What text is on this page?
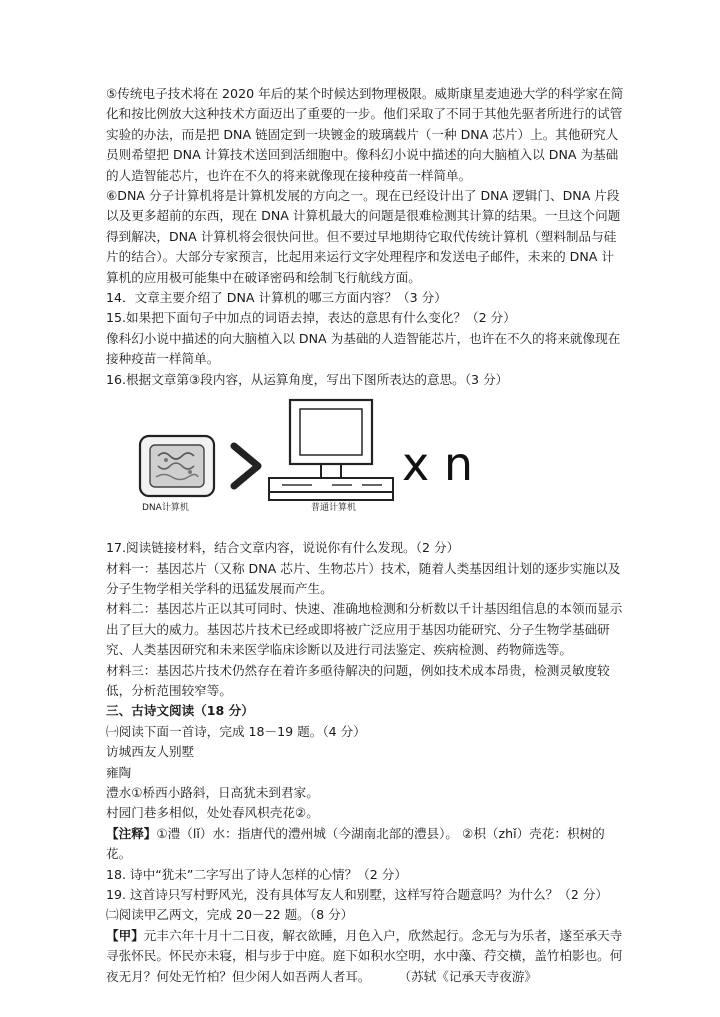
⑤传统电子技术将在 2020 年后的某个时候达到物理极限。威斯康星麦迪逊大学的科学家在简化和按比例放大这种技术方面迈出了重要的一步。他们采取了不同于其他先驱者所进行的试管实验的办法，而是把 DNA 链固定到一块镀金的玻璃载片（一种 DNA 芯片）上。其他研究人员则希望把 DNA 计算技术送回到活细胞中。像科幻小说中描述的向大脑植入以 DNA 为基础的人造智能芯片，也许在不久的将来就像现在接种疫苗一样简单。

⑥DNA 分子计算机将是计算机发展的方向之一。现在已经设计出了 DNA 逻辑门、DNA 片段以及更多超前的东西，现在 DNA 计算机最大的问题是很难检测其计算的结果。一旦这个问题得到解决，DNA 计算机将会很快问世。但不要过早地期待它取代传统计算机（塑料制品与硅片的结合）。大部分专家预言，比起用来运行文字处理程序和发送电子邮件，未来的 DNA 计算机的应用极可能集中在破译密码和绘制飞行航线方面。

14．文章主要介绍了 DNA 计算机的哪三方面内容？（3 分）

15.如果把下面句子中加点的词语去掉，表达的意思有什么变化？（2 分）

像科幻小说中描述的向大脑植入以 DNA 为基础的人造智能芯片，也许在不久的将来就像现在接种疫苗一样简单。

16.根据文章第③段内容，从运算角度，写出下图所表达的意思。（3 分）

x n
DNA计算机	普通计算机

17.阅读链接材料，结合文章内容，说说你有什么发现。（2 分）

材料一：基因芯片（又称 DNA 芯片、生物芯片）技术，随着人类基因组计划的逐步实施以及分子生物学相关学科的迅猛发展而产生。

材料二：基因芯片正以其可同时、快速、准确地检测和分析数以千计基因组信息的本领而显示出了巨大的威力。基因芯片技术已经或即将被广泛应用于基因功能研究、分子生物学基础研究、人类基因研究和未来医学临床诊断以及进行司法鉴定、疾病检测、药物筛选等。

材料三：基因芯片技术仍然存在着许多亟待解决的问题，例如技术成本昂贵，检测灵敏度较低，分析范围较窄等。

三、古诗文阅读（18 分）

㈠阅读下面一首诗，完成 18－19 题。（4 分）

访城西友人别墅

雍陶

澧水①桥西小路斜，日高犹未到君家。

村园门巷多相似，处处春风枳壳花②。

【注释】①澧（lǐ）水：指唐代的澧州城（今湖南北部的澧县）。 ②枳（zhǐ）壳花：枳树的花。

18. 诗中“犹未”二字写出了诗人怎样的心情？（2 分）

19. 这首诗只写村野风光，没有具体写友人和别墅，这样写符合题意吗？为什么？（2 分）

㈡阅读甲乙两文，完成 20－22 题。（8 分）

【甲】元丰六年十月十二日夜，解衣欲睡，月色入户，欣然起行。念无与为乐者，遂至承天寺寻张怀民。怀民亦未寝，相与步于中庭。庭下如积水空明，水中藻、荇交横，盖竹柏影也。何夜无月？何处无竹柏？但少闲人如吾两人者耳。 （苏轼《记承天寺夜游》
